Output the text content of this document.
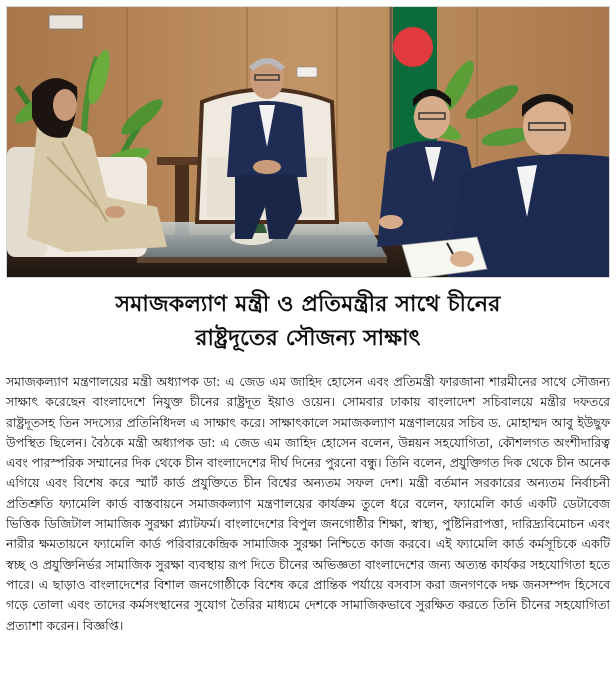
সমাজকল্যাণ মন্ত্রী ও প্রতিমন্ত্রীর সাথে চীনের
রাষ্ট্রদূতের সৌজন্য সাক্ষাৎ
সমাজকল্যাণ মন্ত্রণালয়ের মন্ত্রী অধ্যাপক ডা: এ জেড এম জাহিদ হোসেন এবং প্রতিমন্ত্রী ফারজানা শারমীনের সাথে সৌজন্য সাক্ষাৎ করেছেন বাংলাদেশে নিযুক্ত চীনের রাষ্ট্রদূত ইয়াও ওয়েন। সোমবার ঢাকায় বাংলাদেশ সচিবালয়ে মন্ত্রীর দফতরে রাষ্ট্রদূতসহ তিন সদস্যের প্রতিনিধিদল এ সাক্ষাৎ করে। সাক্ষাৎকালে সমাজকল্যাণ মন্ত্রণালয়ের সচিব ড. মোহাম্মদ আবু ইউছুফ উপস্থিত ছিলেন। বৈঠকে মন্ত্রী অধ্যাপক ডা: এ জেড এম জাহিদ হোসেন বলেন, উন্নয়ন সহযোগিতা, কৌশলগত অংশীদারিত্ব এবং পারস্পরিক সম্মানের দিক থেকে চীন বাংলাদেশের দীর্ঘ দিনের পুরনো বন্ধু। তিনি বলেন, প্রযুক্তিগত দিক থেকে চীন অনেক এগিয়ে এবং বিশেষ করে স্মার্ট কার্ড প্রযুক্তিতে চীন বিশ্বের অন্যতম সফল দেশ। মন্ত্রী বর্তমান সরকারের অন্যতম নির্বাচনী প্রতিশ্রুতি ফ্যামেলি কার্ড বাস্তবায়নে সমাজকল্যাণ মন্ত্রণালয়ের কার্যক্রম তুলে ধরে বলেন, ফ্যামেলি কার্ড একটি ডেটাবেজ ভিত্তিক ডিজিটাল সামাজিক সুরক্ষা প্ল্যাটফর্ম। বাংলাদেশের বিপুল জনগোষ্ঠীর শিক্ষা, স্বাস্থ্য, পুষ্টিনিরাপত্তা, দারিদ্র্যবিমোচন এবং নারীর ক্ষমতায়নে ফ্যামেলি কার্ড পরিবারকেন্দ্রিক সামাজিক সুরক্ষা নিশ্চিতে কাজ করবে। এই ফ্যামেলি কার্ড কর্মসূচিকে একটি স্বচ্ছ ও প্রযুক্তিনির্ভর সামাজিক সুরক্ষা ব্যবস্থায় রূপ দিতে চীনের অভিজ্ঞতা বাংলাদেশের জন্য অত্যন্ত কার্যকর সহযোগিতা হতে পারে। এ ছাড়াও বাংলাদেশের বিশাল জনগোষ্ঠীকে বিশেষ করে প্রান্তিক পর্যায়ে বসবাস করা জনগণকে দক্ষ জনসম্পদ হিসেবে গড়ে তোলা এবং তাদের কর্মসংস্থানের সুযোগ তৈরির মাধ্যমে দেশকে সামাজিকভাবে সুরক্ষিত করতে তিনি চীনের সহযোগিতা প্রত্যাশা করেন। বিজ্ঞপ্তি।
